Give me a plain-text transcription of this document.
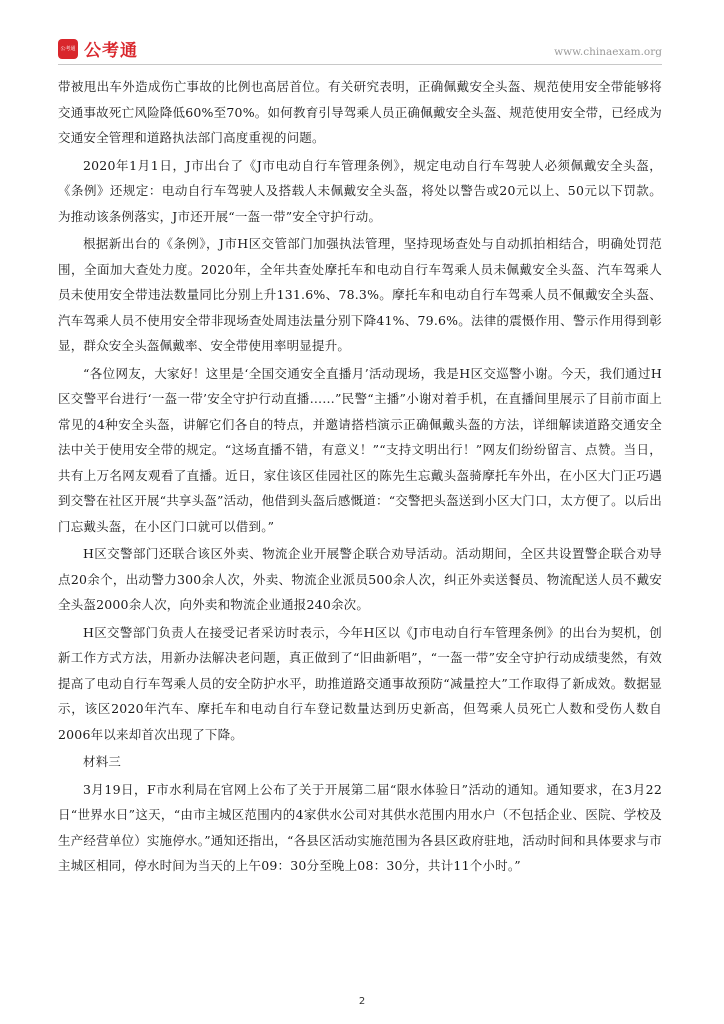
公考通 公考通	www.chinaexam.org

带被甩出车外造成伤亡事故的比例也高居首位。有关研究表明，正确佩戴安全头盔、规范使用安全带能够将交通事故死亡风险降低60%至70%。如何教育引导驾乘人员正确佩戴安全头盔、规范使用安全带，已经成为交通安全管理和道路执法部门高度重视的问题。

2020年1月1日，J市出台了《J市电动自行车管理条例》，规定电动自行车驾驶人必须佩戴安全头盔，《条例》还规定：电动自行车驾驶人及搭载人未佩戴安全头盔，将处以警告或20元以上、50元以下罚款。为推动该条例落实，J市还开展“一盔一带”安全守护行动。

根据新出台的《条例》，J市H区交管部门加强执法管理，坚持现场查处与自动抓拍相结合，明确处罚范围，全面加大查处力度。2020年，全年共查处摩托车和电动自行车驾乘人员未佩戴安全头盔、汽车驾乘人员未使用安全带违法数量同比分别上升131.6%、78.3%。摩托车和电动自行车驾乘人员不佩戴安全头盔、汽车驾乘人员不使用安全带非现场查处周违法量分别下降41%、79.6%。法律的震慑作用、警示作用得到彰显，群众安全头盔佩戴率、安全带使用率明显提升。

“各位网友，大家好！这里是‘全国交通安全直播月’活动现场，我是H区交巡警小谢。今天，我们通过H区交警平台进行‘一盔一带’安全守护行动直播……”民警“主播”小谢对着手机，在直播间里展示了目前市面上常见的4种安全头盔，讲解它们各自的特点，并邀请搭档演示正确佩戴头盔的方法，详细解读道路交通安全法中关于使用安全带的规定。“这场直播不错，有意义！”“支持文明出行！”网友们纷纷留言、点赞。当日，共有上万名网友观看了直播。近日，家住该区佳园社区的陈先生忘戴头盔骑摩托车外出，在小区大门正巧遇到交警在社区开展“共享头盔”活动，他借到头盔后感慨道：“交警把头盔送到小区大门口，太方便了。以后出门忘戴头盔，在小区门口就可以借到。”

H区交警部门还联合该区外卖、物流企业开展警企联合劝导活动。活动期间，全区共设置警企联合劝导点20余个，出动警力300余人次，外卖、物流企业派员500余人次，纠正外卖送餐员、物流配送人员不戴安全头盔2000余人次，向外卖和物流企业通报240余次。

H区交警部门负责人在接受记者采访时表示，今年H区以《J市电动自行车管理条例》的出台为契机，创新工作方式方法，用新办法解决老问题，真正做到了“旧曲新唱”，“一盔一带”安全守护行动成绩斐然，有效提高了电动自行车驾乘人员的安全防护水平，助推道路交通事故预防“减量控大”工作取得了新成效。数据显示，该区2020年汽车、摩托车和电动自行车登记数量达到历史新高，但驾乘人员死亡人数和受伤人数自2006年以来却首次出现了下降。

材料三

3月19日，F市水利局在官网上公布了关于开展第二届“限水体验日”活动的通知。通知要求，在3月22日“世界水日”这天，“由市主城区范围内的4家供水公司对其供水范围内用水户（不包括企业、医院、学校及生产经营单位）实施停水。”通知还指出，“各县区活动实施范围为各县区政府驻地，活动时间和具体要求与市主城区相同，停水时间为当天的上午09：30分至晚上08：30分，共计11个小时。”

2
